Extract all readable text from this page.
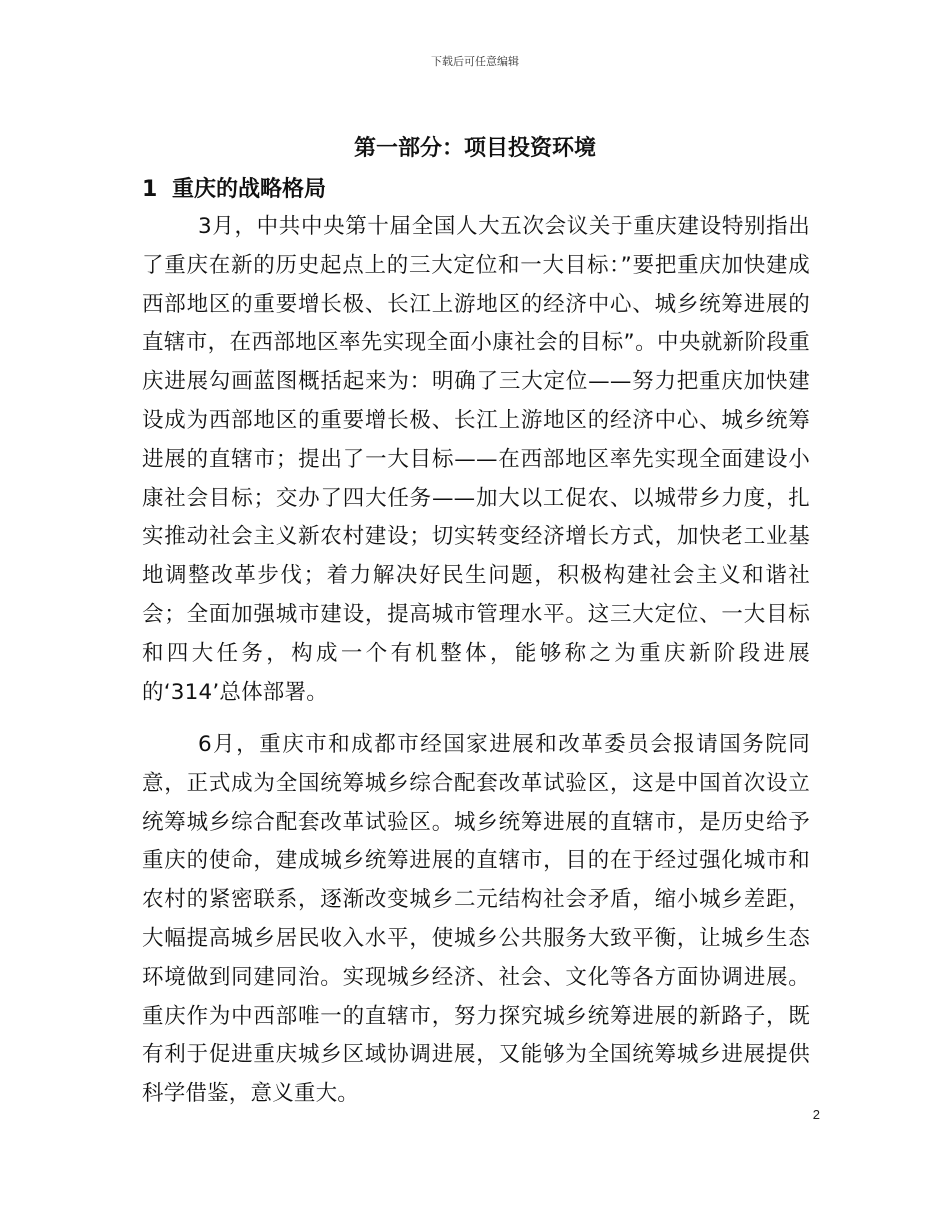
下载后可任意编辑
第一部分：项目投资环境
1 重庆的战略格局

3月，中共中央第十届全国人大五次会议关于重庆建设特别指出了重庆在新的历史起点上的三大定位和一大目标：”要把重庆加快建成西部地区的重要增长极、长江上游地区的经济中心、城乡统筹进展的直辖市，在西部地区率先实现全面小康社会的目标”。中央就新阶段重庆进展勾画蓝图概括起来为：明确了三大定位——努力把重庆加快建设成为西部地区的重要增长极、长江上游地区的经济中心、城乡统筹进展的直辖市；提出了一大目标——在西部地区率先实现全面建设小康社会目标；交办了四大任务——加大以工促农、以城带乡力度，扎实推动社会主义新农村建设；切实转变经济增长方式，加快老工业基地调整改革步伐；着力解决好民生问题，积极构建社会主义和谐社会；全面加强城市建设，提高城市管理水平。这三大定位、一大目标和四大任务，构成一个有机整体，能够称之为重庆新阶段进展的‘314’总体部署。

6月，重庆市和成都市经国家进展和改革委员会报请国务院同意，正式成为全国统筹城乡综合配套改革试验区，这是中国首次设立统筹城乡综合配套改革试验区。城乡统筹进展的直辖市，是历史给予重庆的使命，建成城乡统筹进展的直辖市，目的在于经过强化城市和农村的紧密联系，逐渐改变城乡二元结构社会矛盾，缩小城乡差距，大幅提高城乡居民收入水平，使城乡公共服务大致平衡，让城乡生态环境做到同建同治。实现城乡经济、社会、文化等各方面协调进展。重庆作为中西部唯一的直辖市，努力探究城乡统筹进展的新路子，既有利于促进重庆城乡区域协调进展，又能够为全国统筹城乡进展提供科学借鉴，意义重大。

2
